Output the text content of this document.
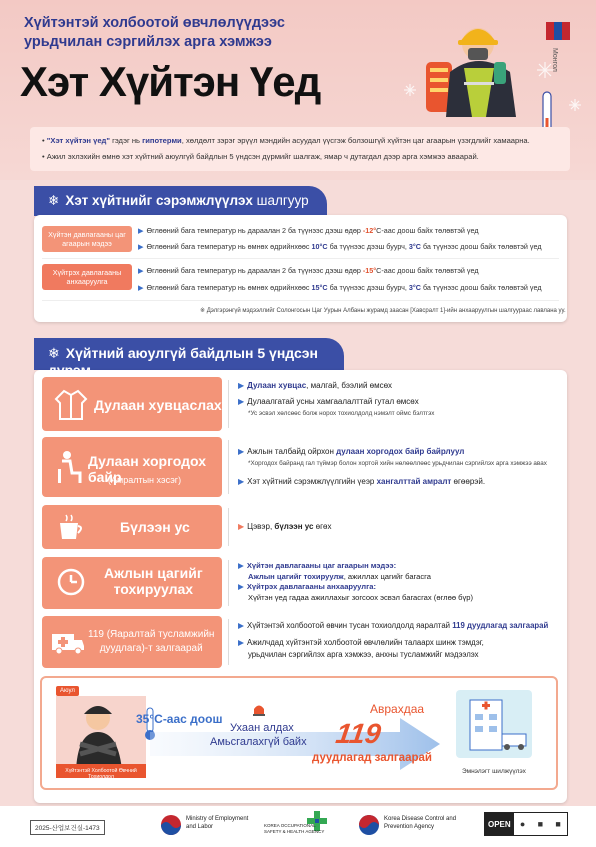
Хүйтэнтэй холбоотой өвчлөлүүдээс
урьдчилан сэргийлэх арга хэмжээ
Хэт Хүйтэн Үед	Монгол
• "Хэт хүйтэн үед" гэдэг нь гипотерми, хөлдөлт зэрэг эрүүл мэндийн асуудал үүсгэж болзошгүй хүйтэн цаг агаарын үзэгдлийг хамаарна.
• Ажил эхлэхийн өмнө хэт хүйтний аюулгүй байдлын 5 үндсэн дүрмийг шалгаж, ямар ч дутагдал дээр арга хэмжээ аваарай.
❄ Хэт хүйтнийг сэрэмжлүүлэх шалгуур
Хүйтэн давлагааны цаг агаарын мэдээ
▶ Өглөөний бага температур нь дараалан 2 ба түүнээс дээш өдөр -12°С-аас доош байх төлөвтэй үед
▶ Өглөөний бага температур нь өмнөх өдрийнхөөс 10°С ба түүнээс дээш буурч, 3°С ба түүнээс доош байх төлөвтэй үед
Хүйтрэх давлагааны анхааруулга
▶ Өглөөний бага температур нь дараалан 2 ба түүнээс дээш өдөр -15°С-аас доош байх төлөвтэй үед
▶ Өглөөний бага температур нь өмнөх өдрийнхөөс 15°С ба түүнээс дээш буурч, 3°С ба түүнээс доош байх төлөвтэй үед
※ Дэлгэрэнгүй мэдээллийг Солонгосын Цаг Уурын Албаны журамд заасан [Хавсралт 1]-ийн анхааруулгын шалгуурааc лавлана уу.
❄ Хүйтний аюулгүй байдлын 5 үндсэн
Дулаан хувцаслах
▶ Дулаан хувцас, малгай, бээлий өмсөх
▶ Дулаалгатай усны хамгаалалттай гутал өмсөх
*Ус эсвэл хөлсөөс болж норох тохиолдолд нэмэлт оймс бэлтгэх
Дулаан хоргодох байр
(Амралтын хэсэг)
▶ Ажлын талбайд ойрхон дулаан хоргодох байр байрлуул
*Хоргодох байранд гал түймэр болон хортой хийн нөлөөллөөс урьдчилан сэргийлэх арга хэмжээ авах
▶ Хэт хүйтний сэрэмжлүүлгийн үеэр хангалттай амралт өгөөрэй.
Бүлээн ус	▶ Цэвэр, бүлээн ус өгөх
Ажлын цагийг
тохируулах
▶ Хүйтэн давлагааны цаг агаарын мэдээ:
Ажлын цагийг тохируулж, ажиллах цагийг багасга
▶ Хүйтрэх давлагааны анхааруулга:
Хүйтэн үед гадаа ажиллахыг зогсоох эсвэл багасгах (өглөө бүр)
119 (Яаралтай тусламжийн
дуудлага)-т залгаарай
▶ Хүйтэнтэй холбоотой өвчин тусан тохиолдолд яаралтай 119 дуудлагад залгаарай
▶ Ажилчдад хүйтэнтэй холбоотой өвчлөлийн талаарх шинж тэмдэг,
урьдчилан сэргийлэх арга хэмжээ, анхны тусламжийг мэдээлэх
Аюул
Хүйтэнтэй Холбоотой Өвчний Тохиолдол
35°С-аас доош
Ухаан алдах
Амьсгалахгүй байх
Аврахдаа
119
дуудлагад залгаарай
Эмнэлэгт шилжүүлэх
2025-산업보건실-1473
Ministry of Employment
and Labor	KOREA OCCUPATIONAL
SAFETY & HEALTH AGENCY
Korea Disease Control and
Prevention Agency	OPEN	● ■ ■
